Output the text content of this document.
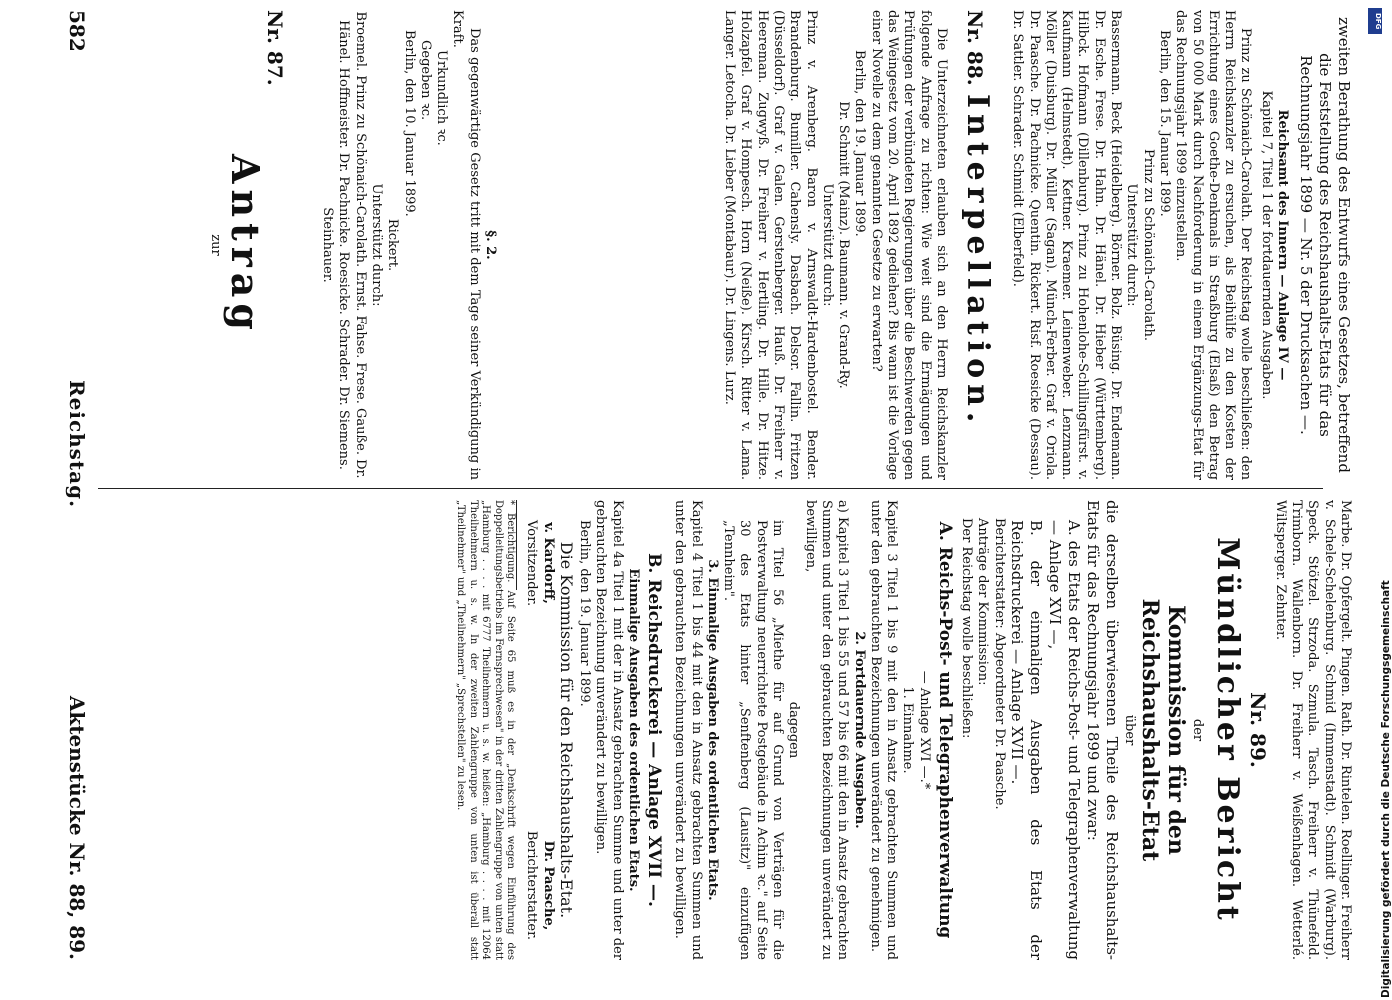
582
Reichstag.
Aktenstücke Nr. 88, 89.

§. 2.

Das gegenwärtige Gesetz tritt mit dem Tage seiner Verkündigung in Kraft.

Urkundlich ꝛc.

Gegeben ꝛc.

Berlin, den 10. Januar 1899.

Rickert.

Unterstützt durch:

Broemel. Prinz zu Schönaich-Carolath. Ernst. Fahse. Frese. Gauße. Dr. Hänel. Hoffmeister. Dr. Pachnicke. Roesicke. Schrader. Dr. Siemens. Steinhauer.

Nr. 87.

Antrag

zur	zweiten Berathung des Entwurfs eines Gesetzes, betreffend die Feststellung des Reichshaushalts-Etats für das Rechnungsjahr 1899 — Nr. 5 der Drucksachen —.

Reichsamt des Innern — Anlage IV —

Kapitel 7, Titel 1 der fortdauernden Ausgaben.

Prinz zu Schönaich-Carolath. Der Reichstag wolle beschließen: den Herrn Reichskanzler zu ersuchen, als Beihülfe zu den Kosten der Errichtung eines Goethe-Denkmals in Straßburg (Elsaß) den Betrag von 50 000 Mark durch Nachforderung in einem Ergänzungs-Etat für das Rechnungsjahr 1899 einzustellen.

Berlin, den 15. Januar 1899.

Prinz zu Schönaich-Carolath.

Unterstützt durch:

Bassermann. Beck (Heidelberg). Börner. Bolz. Büsing. Dr. Endemann. Dr. Esche. Frese. Dr. Hahn. Dr. Hänel. Dr. Hieber (Württemberg). Hilbck. Hofmann (Dillenburg). Prinz zu Hohenlohe-Schillingsfürst. v. Kaufmann (Helmstedt). Kettner. Kraemer. Leinenweber. Lenzmann. Möller (Duisburg). Dr. Müller (Sagan). Münch-Ferber. Graf v. Oriola. Dr. Paasche. Dr. Pachnicke. Quentin. Rickert. Risf. Roesicke (Dessau). Dr. Sattler. Schrader. Schmidt (Elberfeld).

Nr. 88.  Interpellation.

Die Unterzeichneten erlauben sich an den Herrn Reichskanzler folgende Anfrage zu richten: Wie weit sind die Ermägungen und Prüfungen der verbündeten Regierungen über die Beschwerden gegen das Weingesetz vom 20. April 1892 gediehen? Bis wann ist die Vorlage einer Novelle zu dem genannten Gesetze zu erwarten?

Berlin, den 19. Januar 1899.

Dr. Schmitt (Mainz). Baumann. v. Grand-Ry.

Unterstützt durch:

Prinz v. Arenberg. Baron v. Arnswaldt-Hardenbostel. Bender. Brandenburg. Bumiller. Cahensly. Dasbach. Delsor. Fallin. Fritzen (Düsseldorf). Graf v. Galen. Gerstenberger. Hauß. Dr. Freiherr v. Heereman. Zugwyß. Dr. Freiherr v. Hertling. Dr. Hille. Dr. Hitze. Holzapfel. Graf v. Hompesch. Horn (Neiße). Kirsch. Ritter v. Lama. Langer. Letocha. Dr. Lieber (Montabaur). Dr. Lingens. Lurz.

Marbe. Dr. Opfergelt. Pingen. Rath. Dr. Rintelen. Roellinger. Freiherr v. Schele-Schelenburg. Schmid (Immenstadt). Schmidt (Warburg). Speck. Stötzel. Strzoda. Szmula. Tasch. Freiherr v. Thünefeld. Trimborn. Wallenborn. Dr. Freiherr v. Weißenhagen. Wetterlé. Wiltsperger. Zehnter.

Nr. 89.

Mündlicher Bericht

der

Kommission für den Reichshaushalts-Etat

über

die derselben überwiesenen Theile des Reichshaushalts-Etats für das Rechnungsjahr 1899 und zwar:

A. des Etats der Reichs-Post- und Telegraphenverwaltung — Anlage XVI —,

B. der einmaligen Ausgaben des Etats der Reichsdruckerei — Anlage XVII —.

Berichterstatter: Abgeordneter Dr. Paasche.

Anträge der Kommission:

Der Reichstag wolle beschließen:

A. Reichs-Post- und Telegraphenverwaltung

— Anlage XVI —.*

1. Einnahme.

Kapitel 3 Titel 1 bis 9 mit den in Ansatz gebrachten Summen und unter den gebrauchten Bezeichnungen unverändert zu genehmigen.

2. Fortdauernde Ausgaben.

a) Kapitel 3 Titel 1 bis 55 und 57 bis 66 mit den in Ansatz gebrachten Summen und unter den gebrauchten Bezeichnungen unverändert zu bewilligen,

dagegen

im Titel 56 „Miethe für auf Grund von Verträgen für die Postverwaltung neuerrichtete Postgebäude in Achim ꝛc." auf Seite 30 des Etats hinter „Senftenberg (Lausitz)" einzufügen „Tennheim".

3. Einmalige Ausgaben des ordentlichen Etats.

Kapitel 4 Titel 1 bis 44 mit den in Ansatz gebrachten Summen und unter den gebrauchten Bezeichnungen unverändert zu bewilligen.

B. Reichsdruckerei — Anlage XVII —.

Einmalige Ausgaben des ordentlichen Etats.

Kapitel 4a Titel 1 mit der in Ansatz gebrachten Summe und unter der gebrauchten Bezeichnung unverändert zu bewilligen.

Berlin, den 19. Januar 1899.

Die Kommission für den Reichshaushalts-Etat.

v. Kardorff,

Vorsitzender.

Dr. Paasche,

Berichterstatter.

* Berichtigung. Auf Seite 65 muß es in der „Denkschrift wegen Einführung des Doppelleitungsbetriebs im Fernsprechwesen" in der dritten Zahlengruppe von unten statt „Hamburg . . . . mit 6777 Theilnehmern u. s. w. heißen: „Hamburg . . . . mit 12064 Theilnehmern u. s. w. In der zweiten Zahlengruppe von unten ist überall statt „Theilnehmer" und „Theilnehmern" „Sprechstellen" zu lesen.	Digitalisierung gefördert durch die Deutsche Forschungsgemeinschaft
DFG
